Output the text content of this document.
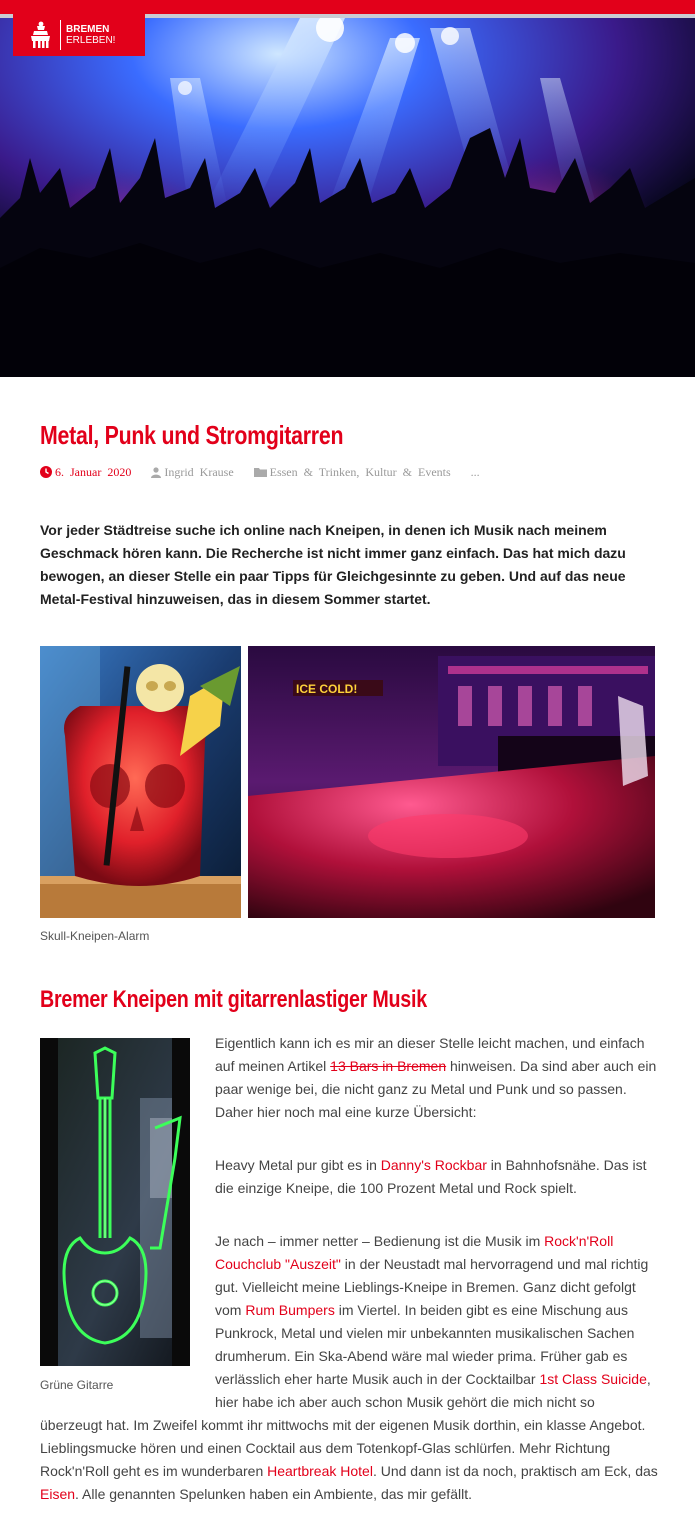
BREMEN
ERLEBEN!
Metal, Punk und Stromgitarren
6. Januar 2020	Ingrid Krause	Essen & Trinken, Kultur & Events ...
Vor jeder Städtreise suche ich online nach Kneipen, in denen ich Musik nach meinem Geschmack hören kann. Die Recherche ist nicht immer ganz einfach. Das hat mich dazu bewogen, an dieser Stelle ein paar Tipps für Gleichgesinnte zu geben. Und auf das neue Metal-Festival hinzuweisen, das in diesem Sommer startet.
ICE COLD!
Skull-Kneipen-Alarm
Bremer Kneipen mit gitarrenlastiger Musik
Grüne Gitarre

Eigentlich kann ich es mir an dieser Stelle leicht machen, und einfach auf meinen Artikel 13 Bars in Bremen hinweisen. Da sind aber auch ein paar wenige bei, die nicht ganz zu Metal und Punk und so passen. Daher hier noch mal eine kurze Übersicht:

Heavy Metal pur gibt es in Danny's Rockbar in Bahnhofsnähe. Das ist die einzige Kneipe, die 100 Prozent Metal und Rock spielt.

Je nach – immer netter – Bedienung ist die Musik im Rock'n'Roll Couchclub "Auszeit" in der Neustadt mal hervorragend und mal richtig gut. Vielleicht meine Lieblings-Kneipe in Bremen. Ganz dicht gefolgt vom Rum Bumpers im Viertel. In beiden gibt es eine Mischung aus Punkrock, Metal und vielen mir unbekannten musikalischen Sachen drumherum. Ein Ska-Abend wäre mal wieder prima. Früher gab es verlässlich eher harte Musik auch in der Cocktailbar 1st Class Suicide, hier habe ich aber auch schon Musik gehört die mich nicht so überzeugt hat. Im Zweifel kommt ihr mittwochs mit der eigenen Musik dorthin, ein klasse Angebot. Lieblingsmucke hören und einen Cocktail aus dem Totenkopf-Glas schlürfen. Mehr Richtung Rock'n'Roll geht es im wunderbaren Heartbreak Hotel. Und dann ist da noch, praktisch am Eck, das Eisen. Alle genannten Spelunken haben ein Ambiente, das mir gefällt.
